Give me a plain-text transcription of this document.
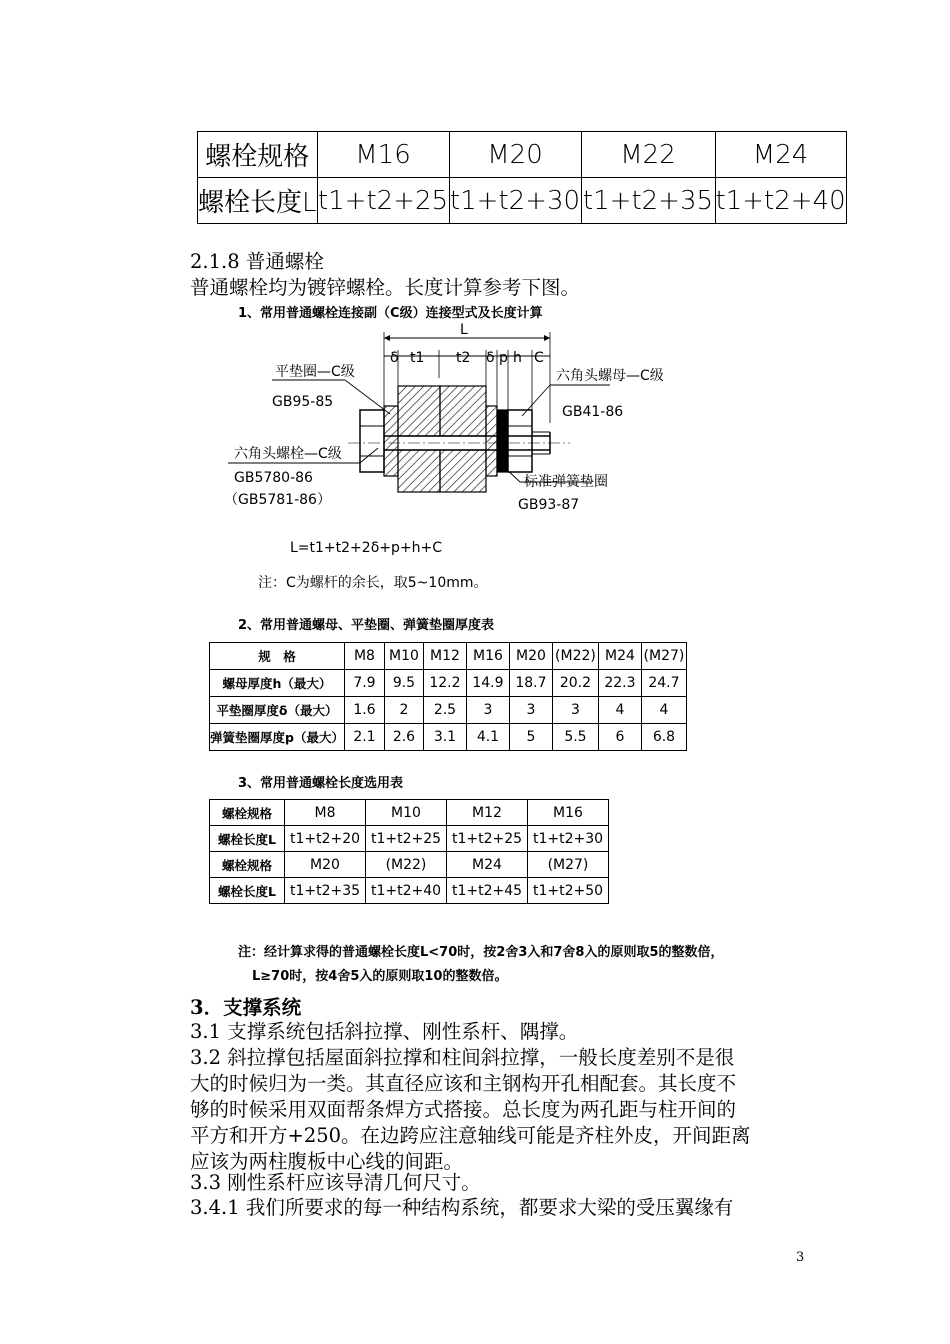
螺栓规格	M16	M20	M22	M24
螺栓长度L	t1+t2+25	t1+t2+30	t1+t2+35	t1+t2+40
2.1.8 普通螺栓
普通螺栓均为镀锌螺栓。长度计算参考下图。
1、常用普通螺栓连接副（C级）连接型式及长度计算
L
δ t1 t2 δ p h C
平垫圈—C级
GB95-85
六角头螺母—C级
GB41-86
六角头螺栓—C级
GB5780-86
（GB5781-86）
标准弹簧垫圈
GB93-87
L=t1+t2+2δ+p+h+C
注：C为螺杆的余长，取5~10mm。
2、常用普通螺母、平垫圈、弹簧垫圈厚度表
规　格	M8	M10	M12	M16	M20	(M22)	M24	(M27)
螺母厚度h（最大）	7.9	9.5	12.2	14.9	18.7	20.2	22.3	24.7
平垫圈厚度δ（最大）	1.6	2	2.5	3	3	3	4	4
弹簧垫圈厚度p（最大）	2.1	2.6	3.1	4.1	5	5.5	6	6.8
3、常用普通螺栓长度选用表
螺栓规格	M8	M10	M12	M16
螺栓长度L	t1+t2+20	t1+t2+25	t1+t2+25	t1+t2+30
螺栓规格	M20	(M22)	M24	(M27)
螺栓长度L	t1+t2+35	t1+t2+40	t1+t2+45	t1+t2+50
注：经计算求得的普通螺栓长度L<70时，按2舍3入和7舍8入的原则取5的整数倍，
L≥70时，按4舍5入的原则取10的整数倍。
3．支撑系统
3.1 支撑系统包括斜拉撑、刚性系杆、隅撑。
3.2 斜拉撑包括屋面斜拉撑和柱间斜拉撑，一般长度差别不是很
大的时候归为一类。其直径应该和主钢构开孔相配套。其长度不
够的时候采用双面帮条焊方式搭接。总长度为两孔距与柱开间的
平方和开方+250。在边跨应注意轴线可能是齐柱外皮，开间距离
应该为两柱腹板中心线的间距。
3.3 刚性系杆应该导清几何尺寸。
3.4.1 我们所要求的每一种结构系统，都要求大梁的受压翼缘有
3
